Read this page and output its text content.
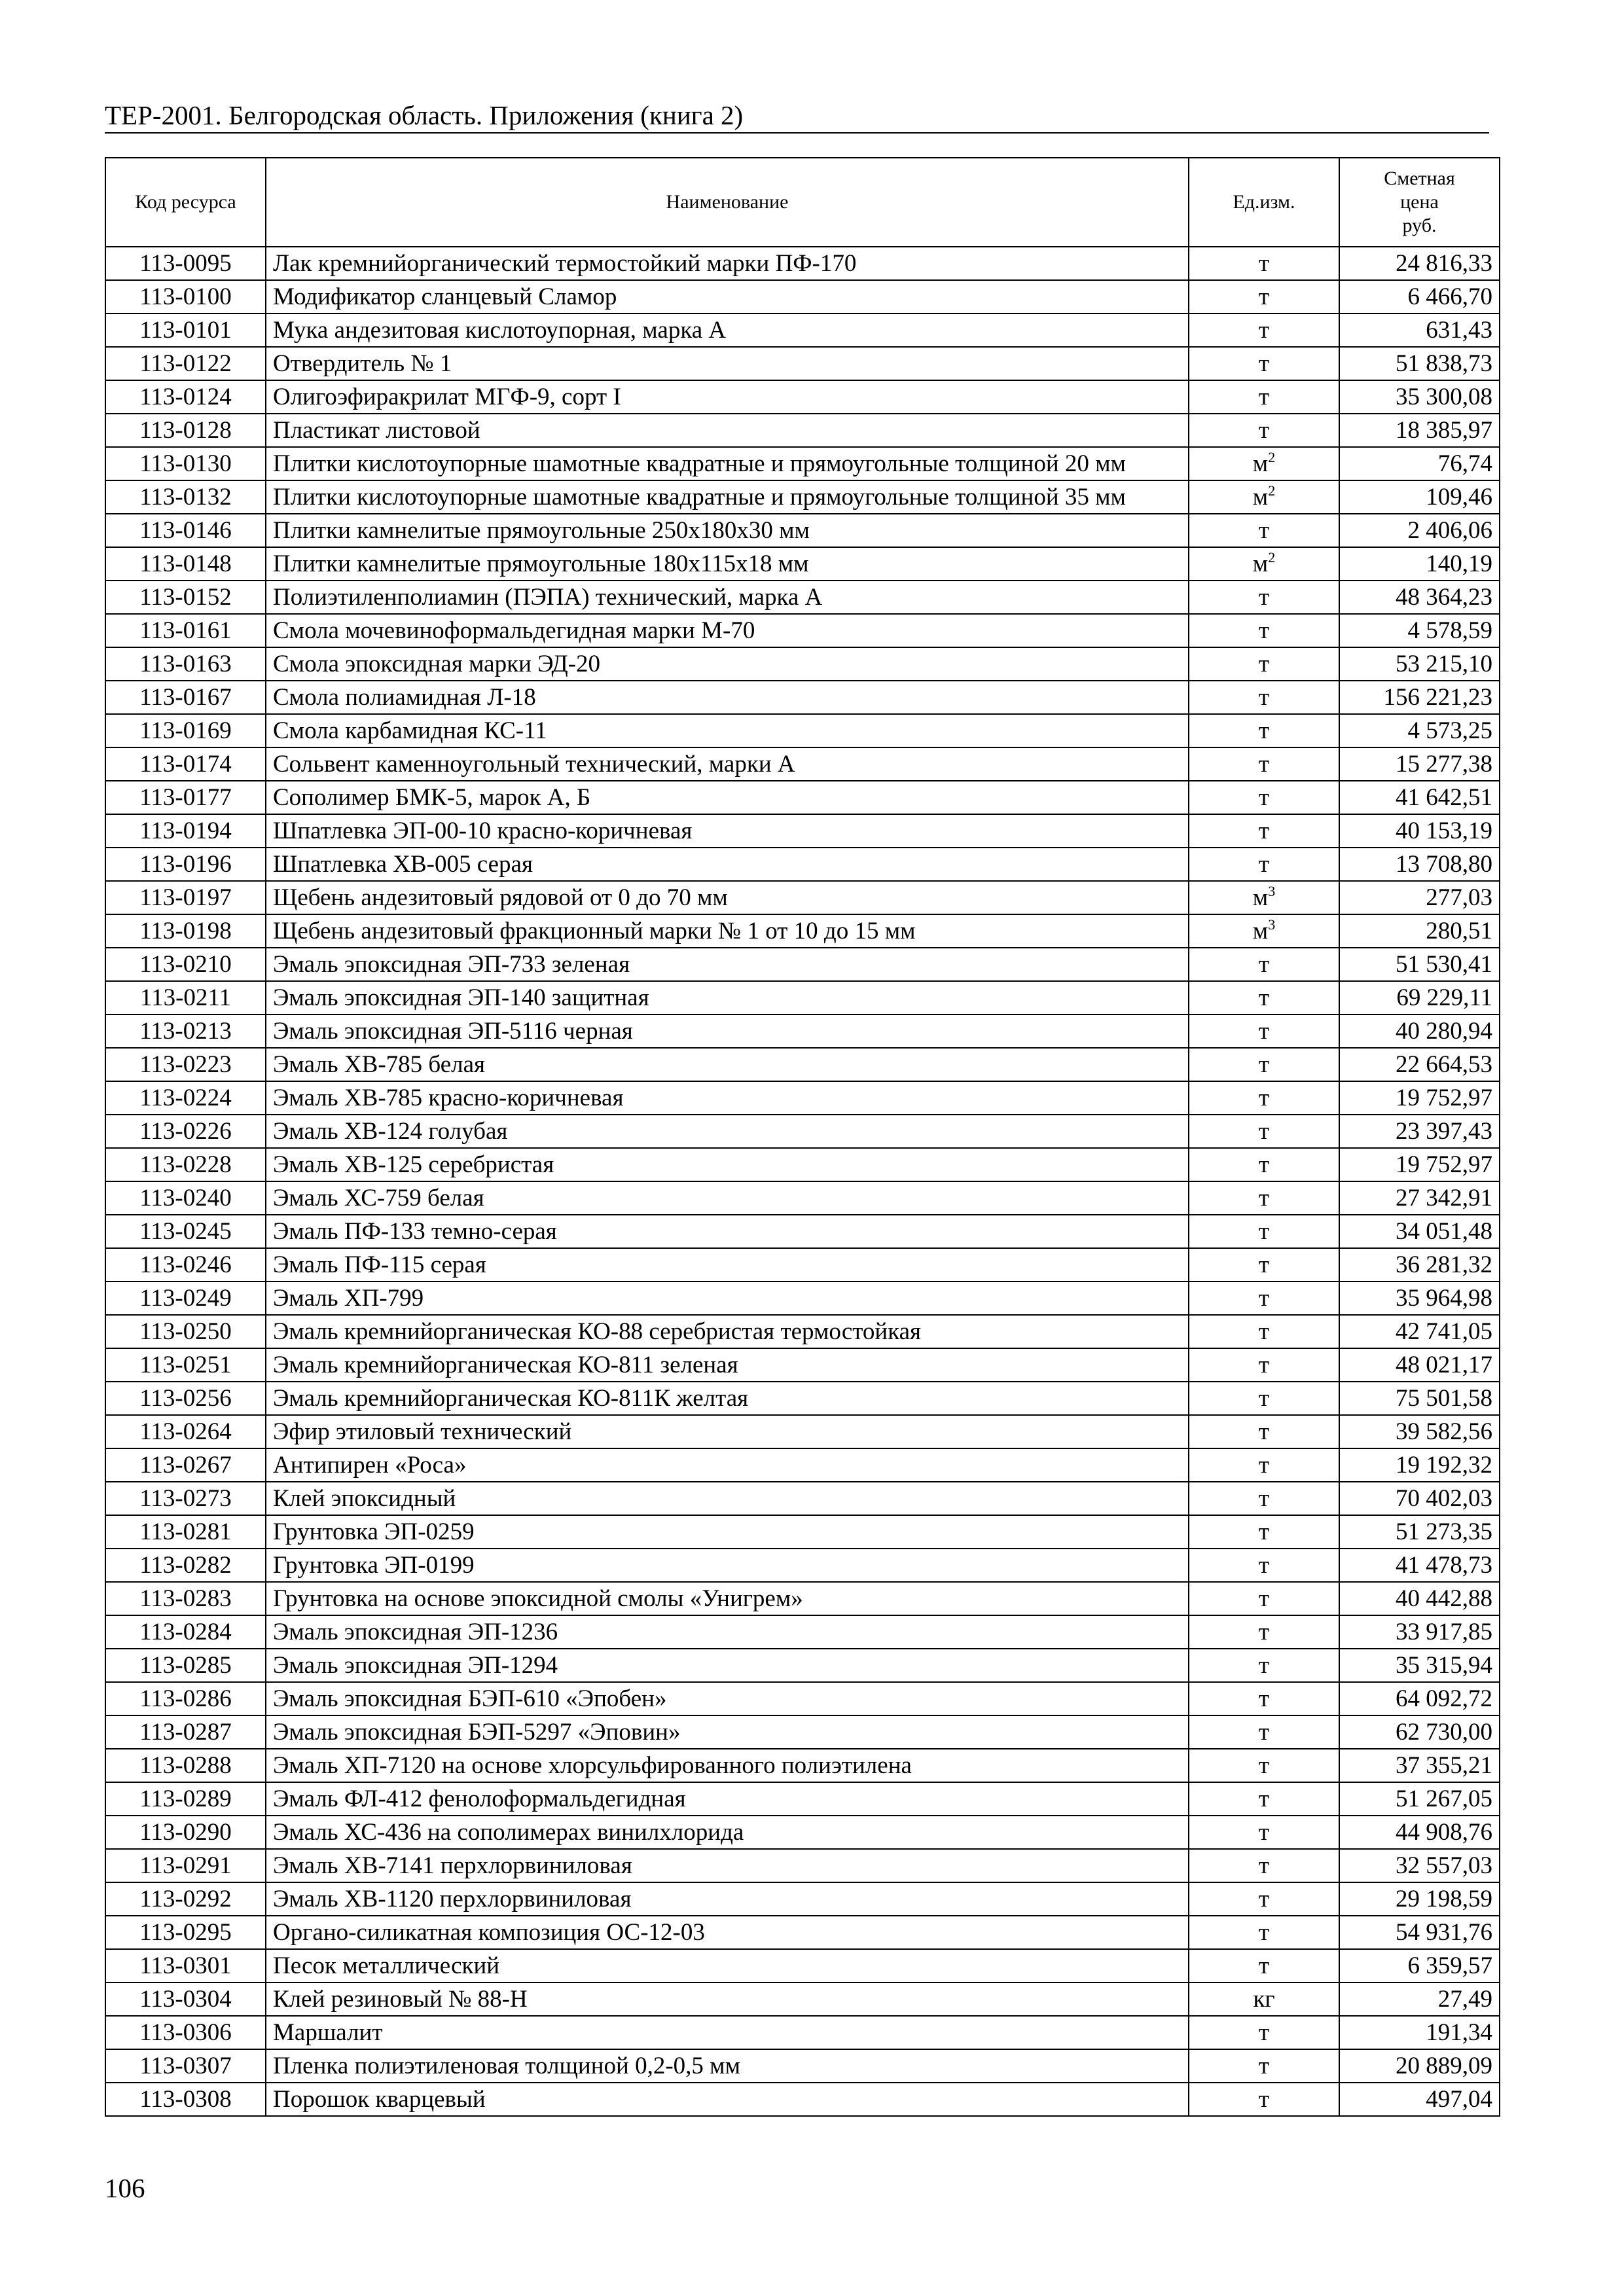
ТЕР-2001. Белгородская область. Приложения (книга 2)
Код ресурса	Наименование	Ед.изм.	Сметная
цена
руб.

113-0095	Лак кремнийорганический термостойкий марки ПФ-170	т	24 816,33
113-0100	Модификатор сланцевый Сламор	т	6 466,70
113-0101	Мука андезитовая кислотоупорная, марка А	т	631,43
113-0122	Отвердитель № 1	т	51 838,73
113-0124	Олигоэфиракрилат МГФ-9, сорт I	т	35 300,08
113-0128	Пластикат листовой	т	18 385,97
113-0130	Плитки кислотоупорные шамотные квадратные и прямоугольные толщиной 20 мм	$м^2$	76,74
113-0132	Плитки кислотоупорные шамотные квадратные и прямоугольные толщиной 35 мм	$м^2$	109,46
113-0146	Плитки камнелитые прямоугольные 250х180х30 мм	т	2 406,06
113-0148	Плитки камнелитые прямоугольные 180х115х18 мм	$м^2$	140,19
113-0152	Полиэтиленполиамин (ПЭПА) технический, марка А	т	48 364,23
113-0161	Смола мочевиноформальдегидная марки М-70	т	4 578,59
113-0163	Смола эпоксидная марки ЭД-20	т	53 215,10
113-0167	Смола полиамидная Л-18	т	156 221,23
113-0169	Смола карбамидная КС-11	т	4 573,25
113-0174	Сольвент каменноугольный технический, марки А	т	15 277,38
113-0177	Сополимер БМК-5, марок А, Б	т	41 642,51
113-0194	Шпатлевка ЭП-00-10 красно-коричневая	т	40 153,19
113-0196	Шпатлевка ХВ-005 серая	т	13 708,80
113-0197	Щебень андезитовый рядовой от 0 до 70 мм	$м^3$	277,03
113-0198	Щебень андезитовый фракционный марки № 1 от 10 до 15 мм	$м^3$	280,51
113-0210	Эмаль эпоксидная ЭП-733 зеленая	т	51 530,41
113-0211	Эмаль эпоксидная ЭП-140 защитная	т	69 229,11
113-0213	Эмаль эпоксидная ЭП-5116 черная	т	40 280,94
113-0223	Эмаль ХВ-785 белая	т	22 664,53
113-0224	Эмаль ХВ-785 красно-коричневая	т	19 752,97
113-0226	Эмаль ХВ-124 голубая	т	23 397,43
113-0228	Эмаль ХВ-125 серебристая	т	19 752,97
113-0240	Эмаль ХС-759 белая	т	27 342,91
113-0245	Эмаль ПФ-133 темно-серая	т	34 051,48
113-0246	Эмаль ПФ-115 серая	т	36 281,32
113-0249	Эмаль ХП-799	т	35 964,98
113-0250	Эмаль кремнийорганическая КО-88 серебристая термостойкая	т	42 741,05
113-0251	Эмаль кремнийорганическая КО-811 зеленая	т	48 021,17
113-0256	Эмаль кремнийорганическая КО-811К желтая	т	75 501,58
113-0264	Эфир этиловый технический	т	39 582,56
113-0267	Антипирен «Роса»	т	19 192,32
113-0273	Клей эпоксидный	т	70 402,03
113-0281	Грунтовка ЭП-0259	т	51 273,35
113-0282	Грунтовка ЭП-0199	т	41 478,73
113-0283	Грунтовка на основе эпоксидной смолы «Унигрем»	т	40 442,88
113-0284	Эмаль эпоксидная ЭП-1236	т	33 917,85
113-0285	Эмаль эпоксидная ЭП-1294	т	35 315,94
113-0286	Эмаль эпоксидная БЭП-610 «Эпобен»	т	64 092,72
113-0287	Эмаль эпоксидная БЭП-5297 «Эповин»	т	62 730,00
113-0288	Эмаль ХП-7120 на основе хлорсульфированного полиэтилена	т	37 355,21
113-0289	Эмаль ФЛ-412 фенолоформальдегидная	т	51 267,05
113-0290	Эмаль ХС-436 на сополимерах винилхлорида	т	44 908,76
113-0291	Эмаль ХВ-7141 перхлорвиниловая	т	32 557,03
113-0292	Эмаль ХВ-1120 перхлорвиниловая	т	29 198,59
113-0295	Органо-силикатная композиция ОС-12-03	т	54 931,76
113-0301	Песок металлический	т	6 359,57
113-0304	Клей резиновый № 88-Н	кг	27,49
113-0306	Маршалит	т	191,34
113-0307	Пленка полиэтиленовая толщиной 0,2-0,5 мм	т	20 889,09
113-0308	Порошок кварцевый	т	497,04
106
